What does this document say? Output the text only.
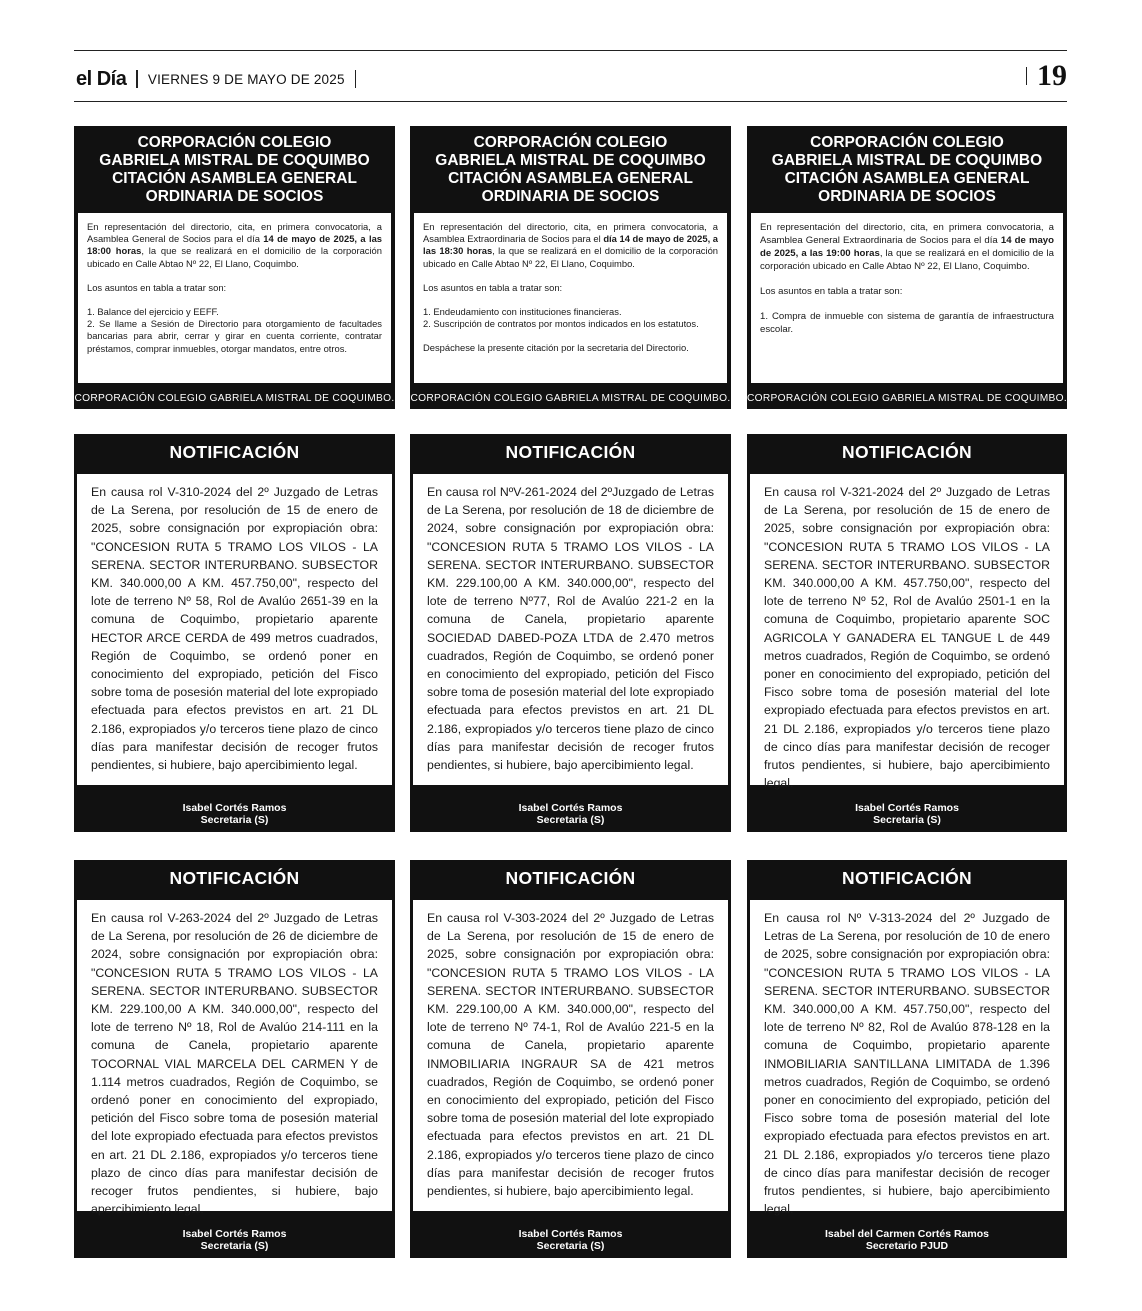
el Día VIERNES 9 DE MAYO DE 2025	19
CORPORACIÓN COLEGIO
GABRIELA MISTRAL DE COQUIMBO
CITACIÓN ASAMBLEA GENERAL
ORDINARIA DE SOCIOS

En representación del directorio, cita, en primera convocatoria, a Asamblea General de Socios para el día 14 de mayo de 2025, a las 18:00 horas, la que se realizará en el domicilio de la corporación ubicado en Calle Abtao Nº 22, El Llano, Coquimbo.

Los asuntos en tabla a tratar son:

1. Balance del ejercicio y EEFF.
2. Se llame a Sesión de Directorio para otorgamiento de facultades bancarias para abrir, cerrar y girar en cuenta corriente, contratar préstamos, comprar inmuebles, otorgar mandatos, entre otros.

CORPORACIÓN COLEGIO GABRIELA MISTRAL DE COQUIMBO.
CORPORACIÓN COLEGIO
GABRIELA MISTRAL DE COQUIMBO
CITACIÓN ASAMBLEA GENERAL
ORDINARIA DE SOCIOS

En representación del directorio, cita, en primera convocatoria, a Asamblea Extraordinaria de Socios para el día 14 de mayo de 2025, a las 18:30 horas, la que se realizará en el domicilio de la corporación ubicado en Calle Abtao Nº 22, El Llano, Coquimbo.

Los asuntos en tabla a tratar son:

1. Endeudamiento con instituciones financieras.
2. Suscripción de contratos por montos indicados en los estatutos.

Despáchese la presente citación por la secretaria del Directorio.

CORPORACIÓN COLEGIO GABRIELA MISTRAL DE COQUIMBO.
CORPORACIÓN COLEGIO
GABRIELA MISTRAL DE COQUIMBO
CITACIÓN ASAMBLEA GENERAL
ORDINARIA DE SOCIOS

En representación del directorio, cita, en primera convocatoria, a Asamblea General Extraordinaria de Socios para el día 14 de mayo de 2025, a las 19:00 horas, la que se realizará en el domicilio de la corporación ubicado en Calle Abtao Nº 22, El Llano, Coquimbo.

Los asuntos en tabla a tratar son:

1. Compra de inmueble con sistema de garantía de infraestructura escolar.

CORPORACIÓN COLEGIO GABRIELA MISTRAL DE COQUIMBO.
NOTIFICACIÓN
En causa rol V-310-2024 del 2º Juzgado de Letras de La Serena, por resolución de 15 de enero de 2025, sobre consignación por expropiación obra: "CONCESION RUTA 5 TRAMO LOS VILOS - LA SERENA. SECTOR INTERURBANO. SUBSECTOR KM. 340.000,00 A KM. 457.750,00", respecto del lote de terreno Nº 58, Rol de Avalúo 2651-39 en la comuna de Coquimbo, propietario aparente HECTOR ARCE CERDA de 499 metros cuadrados, Región de Coquimbo, se ordenó poner en conocimiento del expropiado, petición del Fisco sobre toma de posesión material del lote expropiado efectuada para efectos previstos en art. 21 DL 2.186, expropiados y/o terceros tiene plazo de cinco días para manifestar decisión de recoger frutos pendientes, si hubiere, bajo apercibimiento legal.
Isabel Cortés Ramos
Secretaria (S)
NOTIFICACIÓN
En causa rol NºV-261-2024 del 2ºJuzgado de Letras de La Serena, por resolución de 18 de diciembre de 2024, sobre consignación por expropiación obra: "CONCESION RUTA 5 TRAMO LOS VILOS - LA SERENA. SECTOR INTERURBANO. SUBSECTOR KM. 229.100,00 A KM. 340.000,00", respecto del lote de terreno Nº77, Rol de Avalúo 221-2 en la comuna de Canela, propietario aparente SOCIEDAD DABED-POZA LTDA de 2.470 metros cuadrados, Región de Coquimbo, se ordenó poner en conocimiento del expropiado, petición del Fisco sobre toma de posesión material del lote expropiado efectuada para efectos previstos en art. 21 DL 2.186, expropiados y/o terceros tiene plazo de cinco días para manifestar decisión de recoger frutos pendientes, si hubiere, bajo apercibimiento legal.
Isabel Cortés Ramos
Secretaria (S)
NOTIFICACIÓN
En causa rol V-321-2024 del 2º Juzgado de Letras de La Serena, por resolución de 15 de enero de 2025, sobre consignación por expropiación obra: "CONCESION RUTA 5 TRAMO LOS VILOS - LA SERENA. SECTOR INTERURBANO. SUBSECTOR KM. 340.000,00 A KM. 457.750,00", respecto del lote de terreno Nº 52, Rol de Avalúo 2501-1 en la comuna de Coquimbo, propietario aparente SOC AGRICOLA Y GANADERA EL TANGUE L de 449 metros cuadrados, Región de Coquimbo, se ordenó poner en conocimiento del expropiado, petición del Fisco sobre toma de posesión material del lote expropiado efectuada para efectos previstos en art. 21 DL 2.186, expropiados y/o terceros tiene plazo de cinco días para manifestar decisión de recoger frutos pendientes, si hubiere, bajo apercibimiento legal.
Isabel Cortés Ramos
Secretaria (S)
NOTIFICACIÓN
En causa rol V-263-2024 del 2º Juzgado de Letras de La Serena, por resolución de 26 de diciembre de 2024, sobre consignación por expropiación obra: "CONCESION RUTA 5 TRAMO LOS VILOS - LA SERENA. SECTOR INTERURBANO. SUBSECTOR KM. 229.100,00 A KM. 340.000,00", respecto del lote de terreno Nº 18, Rol de Avalúo 214-111 en la comuna de Canela, propietario aparente TOCORNAL VIAL MARCELA DEL CARMEN Y de 1.114 metros cuadrados, Región de Coquimbo, se ordenó poner en conocimiento del expropiado, petición del Fisco sobre toma de posesión material del lote expropiado efectuada para efectos previstos en art. 21 DL 2.186, expropiados y/o terceros tiene plazo de cinco días para manifestar decisión de recoger frutos pendientes, si hubiere, bajo apercibimiento legal.
Isabel Cortés Ramos
Secretaria (S)
NOTIFICACIÓN
En causa rol V-303-2024 del 2º Juzgado de Letras de La Serena, por resolución de 15 de enero de 2025, sobre consignación por expropiación obra: "CONCESION RUTA 5 TRAMO LOS VILOS - LA SERENA. SECTOR INTERURBANO. SUBSECTOR KM. 229.100,00 A KM. 340.000,00", respecto del lote de terreno Nº 74-1, Rol de Avalúo 221-5 en la comuna de Canela, propietario aparente INMOBILIARIA INGRAUR SA de 421 metros cuadrados, Región de Coquimbo, se ordenó poner en conocimiento del expropiado, petición del Fisco sobre toma de posesión material del lote expropiado efectuada para efectos previstos en art. 21 DL 2.186, expropiados y/o terceros tiene plazo de cinco días para manifestar decisión de recoger frutos pendientes, si hubiere, bajo apercibimiento legal.
Isabel Cortés Ramos
Secretaria (S)
NOTIFICACIÓN
En causa rol Nº V-313-2024 del 2º Juzgado de Letras de La Serena, por resolución de 10 de enero de 2025, sobre consignación por expropiación obra: "CONCESION RUTA 5 TRAMO LOS VILOS - LA SERENA. SECTOR INTERURBANO. SUBSECTOR KM. 340.000,00 A KM. 457.750,00", respecto del lote de terreno Nº 82, Rol de Avalúo 878-128 en la comuna de Coquimbo, propietario aparente INMOBILIARIA SANTILLANA LIMITADA de 1.396 metros cuadrados, Región de Coquimbo, se ordenó poner en conocimiento del expropiado, petición del Fisco sobre toma de posesión material del lote expropiado efectuada para efectos previstos en art. 21 DL 2.186, expropiados y/o terceros tiene plazo de cinco días para manifestar decisión de recoger frutos pendientes, si hubiere, bajo apercibimiento legal.
Isabel del Carmen Cortés Ramos
Secretario PJUD
